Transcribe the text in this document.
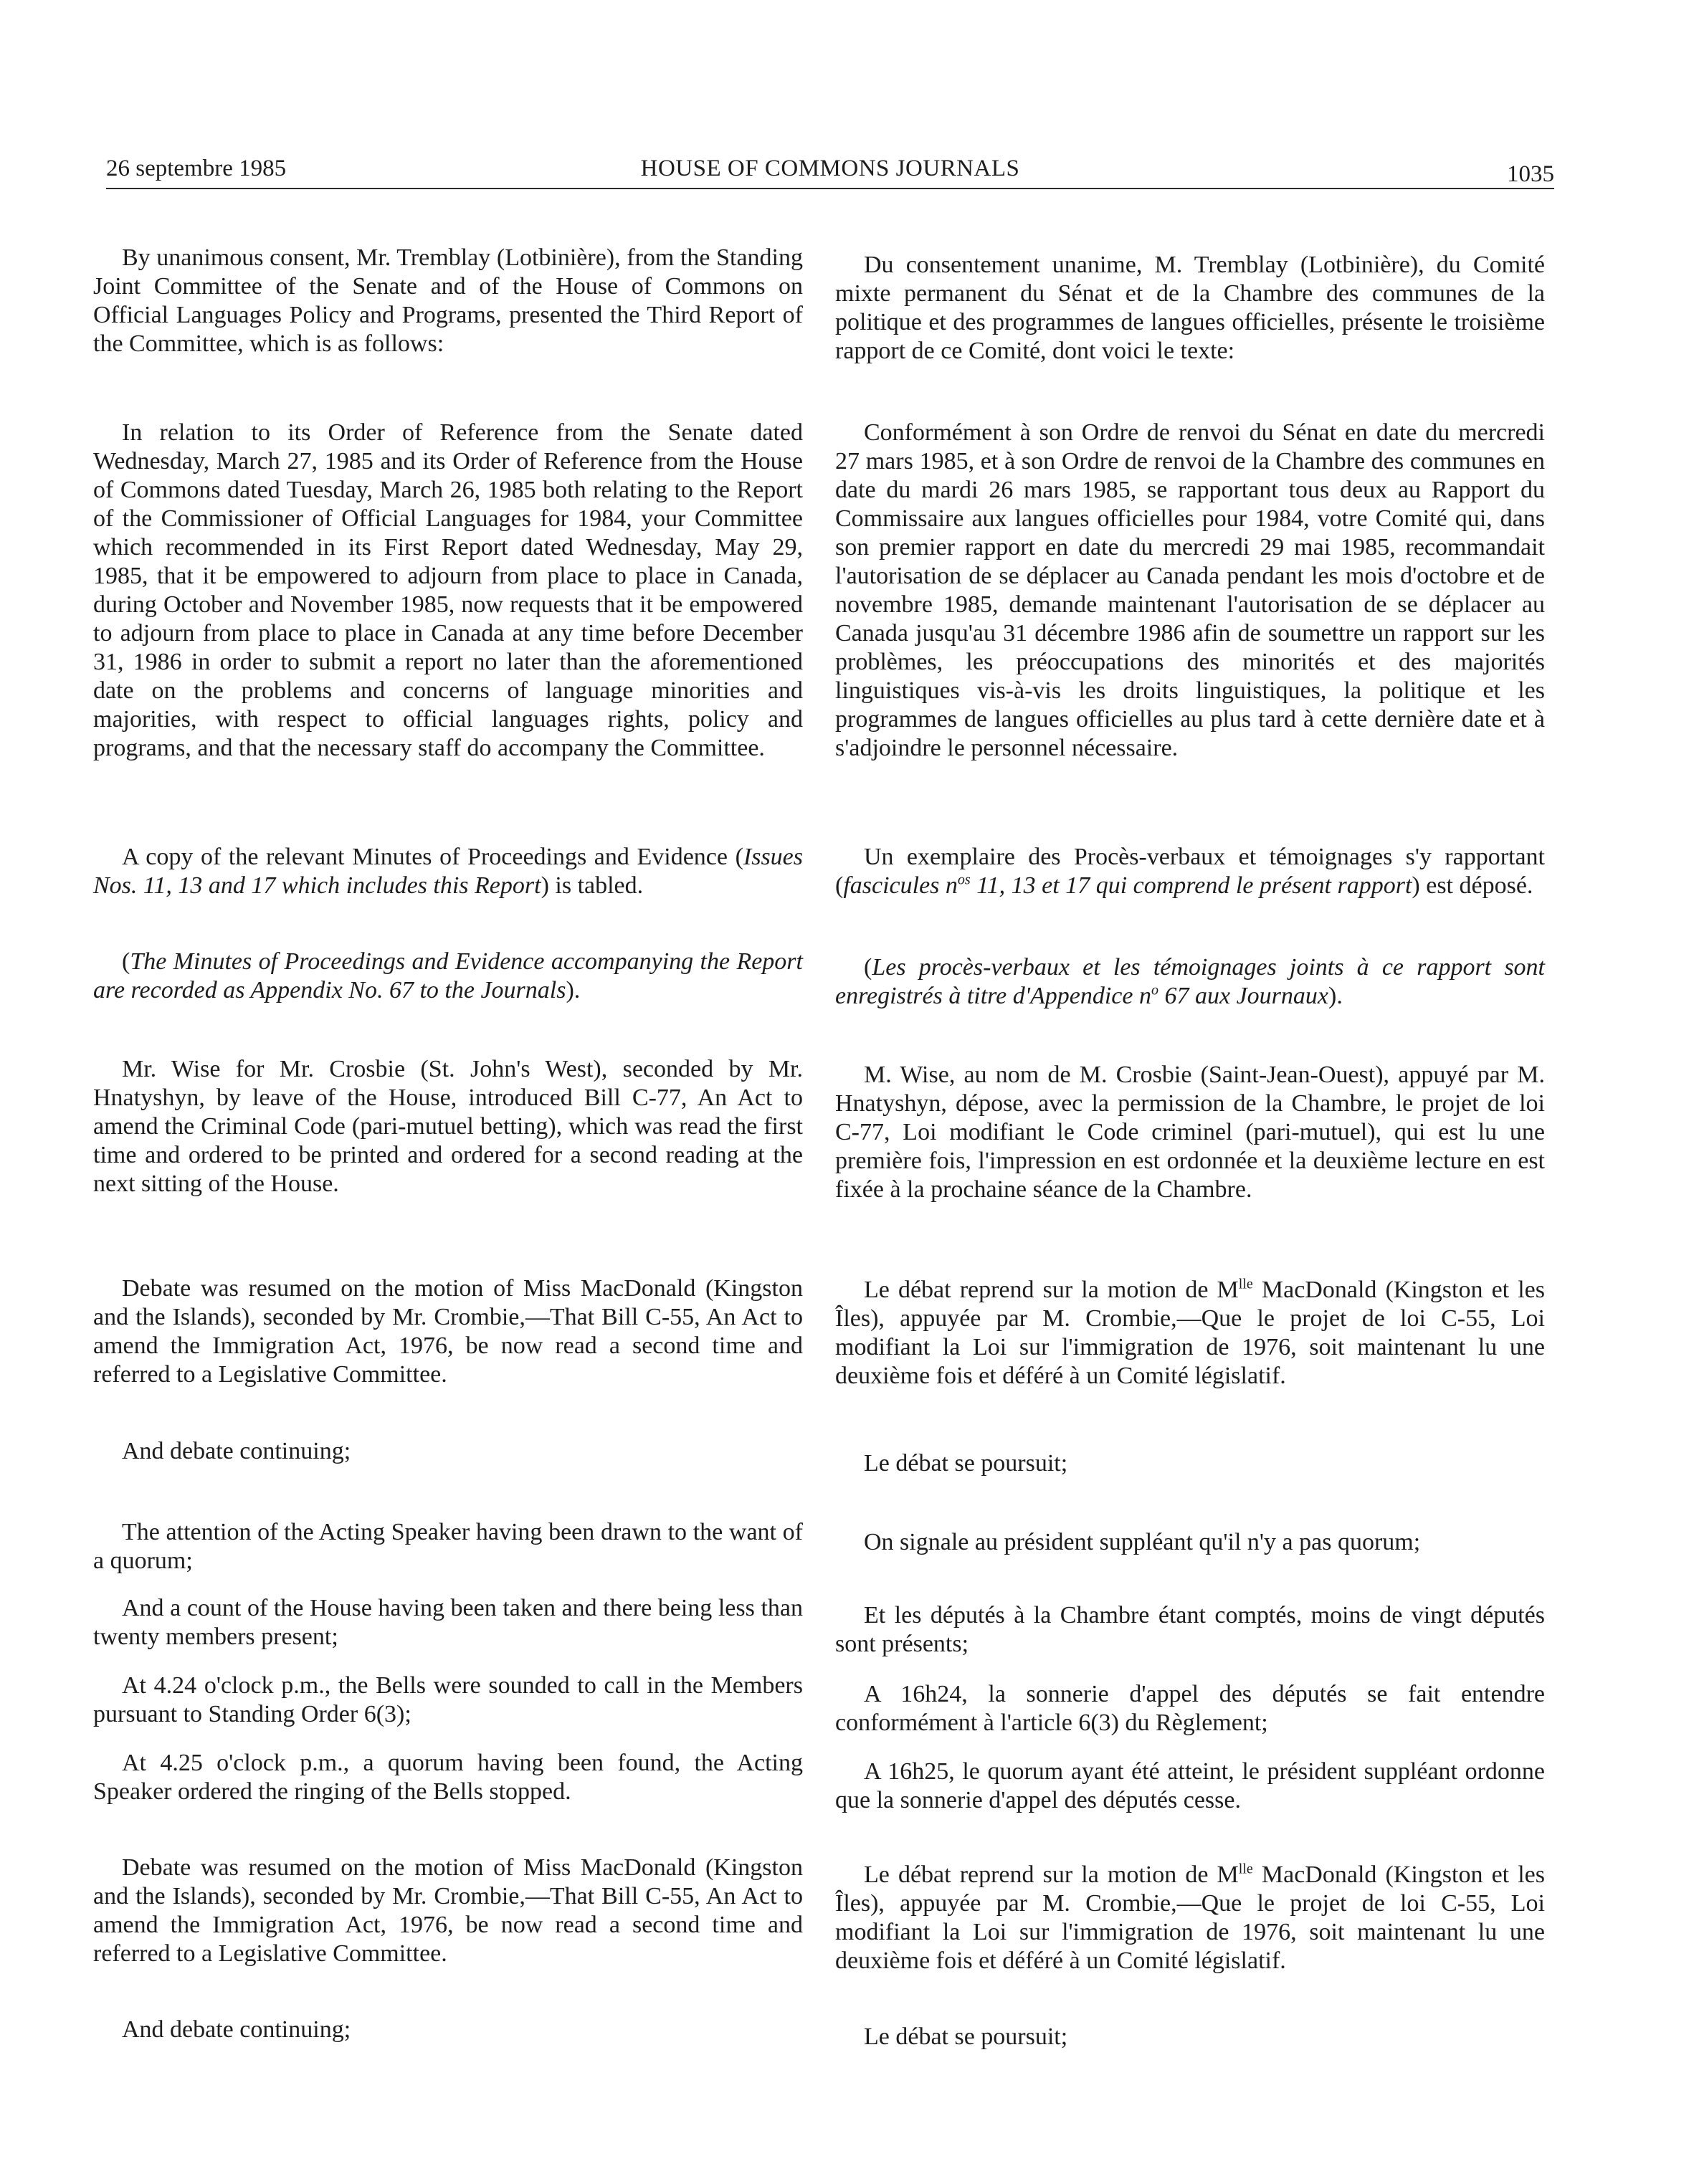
26 septembre 1985	HOUSE OF COMMONS JOURNALS	1035

By unanimous consent, Mr. Tremblay (Lotbinière), from the Standing Joint Committee of the Senate and of the House of Commons on Official Languages Policy and Programs, presented the Third Report of the Committee, which is as follows:

In relation to its Order of Reference from the Senate dated Wednesday, March 27, 1985 and its Order of Reference from the House of Commons dated Tuesday, March 26, 1985 both relating to the Report of the Commissioner of Official Languages for 1984, your Committee which recommended in its First Report dated Wednesday, May 29, 1985, that it be empowered to adjourn from place to place in Canada, during October and November 1985, now requests that it be empowered to adjourn from place to place in Canada at any time before December 31, 1986 in order to submit a report no later than the aforementioned date on the problems and concerns of language minorities and majorities, with respect to official languages rights, policy and programs, and that the necessary staff do accompany the Committee.

A copy of the relevant Minutes of Proceedings and Evidence (Issues Nos. 11, 13 and 17 which includes this Report) is tabled.

(The Minutes of Proceedings and Evidence accompanying the Report are recorded as Appendix No. 67 to the Journals).

Mr. Wise for Mr. Crosbie (St. John's West), seconded by Mr. Hnatyshyn, by leave of the House, introduced Bill C-77, An Act to amend the Criminal Code (pari-mutuel betting), which was read the first time and ordered to be printed and ordered for a second reading at the next sitting of the House.

Debate was resumed on the motion of Miss MacDonald (Kingston and the Islands), seconded by Mr. Crombie,—That Bill C-55, An Act to amend the Immigration Act, 1976, be now read a second time and referred to a Legislative Committee.

And debate continuing;

The attention of the Acting Speaker having been drawn to the want of a quorum;

And a count of the House having been taken and there being less than twenty members present;

At 4.24 o'clock p.m., the Bells were sounded to call in the Members pursuant to Standing Order 6(3);

At 4.25 o'clock p.m., a quorum having been found, the Acting Speaker ordered the ringing of the Bells stopped.

Debate was resumed on the motion of Miss MacDonald (Kingston and the Islands), seconded by Mr. Crombie,—That Bill C-55, An Act to amend the Immigration Act, 1976, be now read a second time and referred to a Legislative Committee.

And debate continuing;

Du consentement unanime, M. Tremblay (Lotbinière), du Comité mixte permanent du Sénat et de la Chambre des communes de la politique et des programmes de langues officielles, présente le troisième rapport de ce Comité, dont voici le texte:

Conformément à son Ordre de renvoi du Sénat en date du mercredi 27 mars 1985, et à son Ordre de renvoi de la Chambre des communes en date du mardi 26 mars 1985, se rapportant tous deux au Rapport du Commissaire aux langues officielles pour 1984, votre Comité qui, dans son premier rapport en date du mercredi 29 mai 1985, recommandait l'autorisation de se déplacer au Canada pendant les mois d'octobre et de novembre 1985, demande maintenant l'autorisation de se déplacer au Canada jusqu'au 31 décembre 1986 afin de soumettre un rapport sur les problèmes, les préoccupations des minorités et des majorités linguistiques vis-à-vis les droits linguistiques, la politique et les programmes de langues officielles au plus tard à cette dernière date et à s'adjoindre le personnel nécessaire.

Un exemplaire des Procès-verbaux et témoignages s'y rapportant (fascicules $n^{os}$ 11, 13 et 17 qui comprend le présent rapport) est déposé.

(Les procès-verbaux et les témoignages joints à ce rapport sont enregistrés à titre d'Appendice $n^o$ 67 aux Journaux).

M. Wise, au nom de M. Crosbie (Saint-Jean-Ouest), appuyé par M. Hnatyshyn, dépose, avec la permission de la Chambre, le projet de loi C-77, Loi modifiant le Code criminel (pari-mutuel), qui est lu une première fois, l'impression en est ordonnée et la deuxième lecture en est fixée à la prochaine séance de la Chambre.

Le débat reprend sur la motion de $M^{lle}$ MacDonald (Kingston et les Îles), appuyée par M. Crombie,—Que le projet de loi C-55, Loi modifiant la Loi sur l'immigration de 1976, soit maintenant lu une deuxième fois et déféré à un Comité législatif.

Le débat se poursuit;

On signale au président suppléant qu'il n'y a pas quorum;

Et les députés à la Chambre étant comptés, moins de vingt députés sont présents;

A 16h24, la sonnerie d'appel des députés se fait entendre conformément à l'article 6(3) du Règlement;

A 16h25, le quorum ayant été atteint, le président suppléant ordonne que la sonnerie d'appel des députés cesse.

Le débat reprend sur la motion de $M^{lle}$ MacDonald (Kingston et les Îles), appuyée par M. Crombie,—Que le projet de loi C-55, Loi modifiant la Loi sur l'immigration de 1976, soit maintenant lu une deuxième fois et déféré à un Comité législatif.

Le débat se poursuit;
